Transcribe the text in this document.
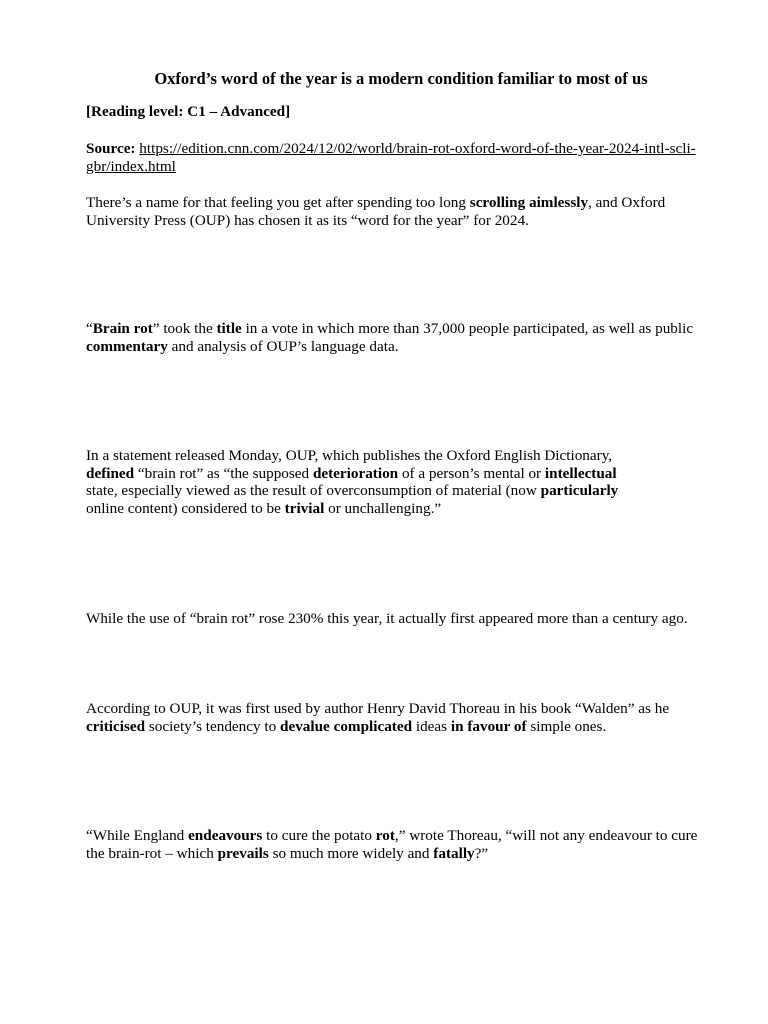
Oxford’s word of the year is a modern condition familiar to most of us

[Reading level: C1 – Advanced]

Source: https://edition.cnn.com/2024/12/02/world/brain-rot-oxford-word-of-the-year-2024-intl-scli-gbr/index.html

There’s a name for that feeling you get after spending too long scrolling aimlessly, and Oxford University Press (OUP) has chosen it as its “word for the year” for 2024.

“Brain rot” took the title in a vote in which more than 37,000 people participated, as well as public commentary and analysis of OUP’s language data.

In a statement released Monday, OUP, which publishes the Oxford English Dictionary, defined “brain rot” as “the supposed deterioration of a person’s mental or intellectual state, especially viewed as the result of overconsumption of material (now particularly online content) considered to be trivial or unchallenging.”

While the use of “brain rot” rose 230% this year, it actually first appeared more than a century ago.

According to OUP, it was first used by author Henry David Thoreau in his book “Walden” as he criticised society’s tendency to devalue complicated ideas in favour of simple ones.

“While England endeavours to cure the potato rot,” wrote Thoreau, “will not any endeavour to cure the brain-rot – which prevails so much more widely and fatally?”
